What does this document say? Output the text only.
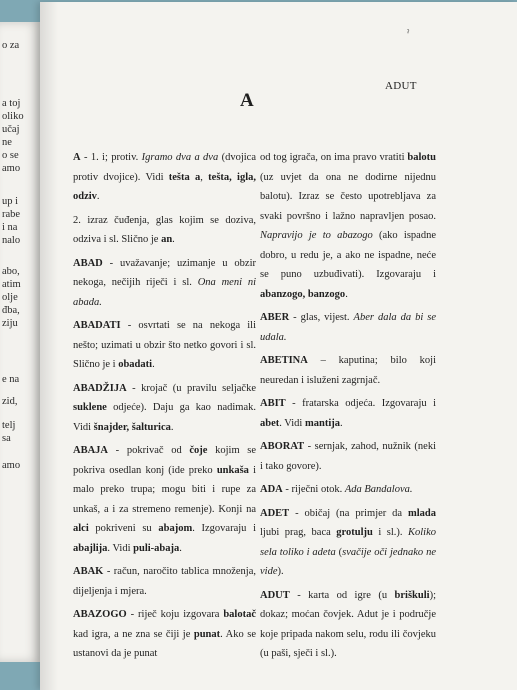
o za
a toj
oliko
učaj
ne
o se
amo
up i
rabe
i na
nalo
abo,
atim
olje
đba,
ziju
e na
zid,
telj
sa
amo
ˀ
ADUT
A
A - 1. i; protiv. Igramo dva a dva (dvojica protiv dvojice). Vidi tešta a, tešta, igla, odziv.
2. izraz čuđenja, glas kojim se doziva, odziva i sl. Slično je an.
ABAD - uvažavanje; uzimanje u obzir nekoga, nečijih riječi i sl. Ona meni ni abada.
ABADATI - osvrtati se na nekoga ili nešto; uzimati u obzir što netko govori i sl. Slično je i obadati.
ABADŽIJA - krojač (u pravilu seljačke suklene odjeće). Daju ga kao nadimak. Vidi šnajder, šalturica.
ABAJA - pokrivač od čoje kojim se pokriva osedlan konj (ide preko unkaša i malo preko trupa; mogu biti i rupe za unkaš, a i za stremeno remenje). Konji na alci pokriveni su abajom. Izgovaraju i abajlija. Vidi puli-abaja.
ABAK - račun, naročito tablica množenja, dijeljenja i mjera.
ABAZOGO - riječ koju izgovara balotač kad igra, a ne zna se čiji je punat. Ako se ustanovi da je punat
od tog igrača, on ima pravo vratiti balotu (uz uvjet da ona ne dodirne nijednu balotu). Izraz se često upotrebljava za svaki površno i lažno napravljen posao. Napravijo je to abazogo (ako ispadne dobro, u redu je, a ako ne ispadne, neće se puno uzbuđivati). Izgovaraju i abanzogo, banzogo.
ABER - glas, vijest. Aber dala da bi se udala.
ABETINA – kaputina; bilo koji neuredan i isluženi zagrnjač.
ABIT - fratarska odjeća. Izgovaraju i abet. Vidi mantija.
ABORAT - sernjak, zahod, nužnik (neki i tako govore).
ADA - riječni otok. Ada Bandalova.
ADET - običaj (na primjer da mlada ljubi prag, baca grotulju i sl.). Koliko sela toliko i adeta (svačije oči jednako ne vide).
ADUT - karta od igre (u briškuli); dokaz; moćan čovjek. Adut je i područje koje pripada nakom selu, rodu ili čovjeku (u paši, sječi i sl.).
